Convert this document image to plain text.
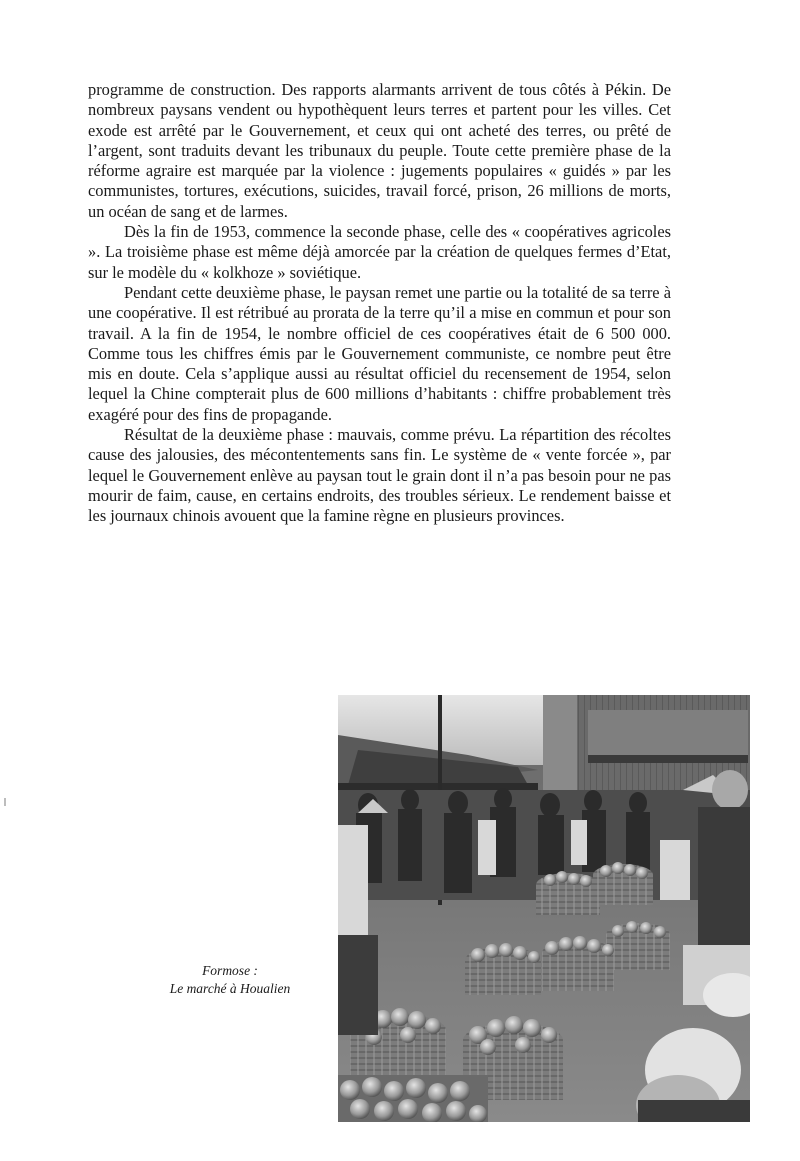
programme de construction. Des rapports alarmants arrivent de tous côtés à Pékin. De nombreux paysans vendent ou hypothèquent leurs terres et partent pour les villes. Cet exode est arrêté par le Gouvernement, et ceux qui ont acheté des terres, ou prêté de l’argent, sont traduits devant les tribunaux du peuple. Toute cette première phase de la réforme agraire est marquée par la violence : jugements populaires « guidés » par les communistes, tortures, exécutions, suicides, travail forcé, prison, 26 millions de morts, un océan de sang et de larmes.

Dès la fin de 1953, commence la seconde phase, celle des « coopératives agricoles ». La troisième phase est même déjà amorcée par la création de quelques fermes d’Etat, sur le modèle du « kolkhoze » soviétique.

Pendant cette deuxième phase, le paysan remet une partie ou la totalité de sa terre à une coopérative. Il est rétribué au prorata de la terre qu’il a mise en commun et pour son travail. A la fin de 1954, le nombre officiel de ces coopératives était de 6 500 000. Comme tous les chiffres émis par le Gouvernement communiste, ce nombre peut être mis en doute. Cela s’applique aussi au résultat officiel du recensement de 1954, selon lequel la Chine compterait plus de 600 millions d’habitants : chiffre probablement très exagéré pour des fins de propagande.

Résultat de la deuxième phase : mauvais, comme prévu. La répartition des récoltes cause des jalousies, des mécontentements sans fin. Le système de « vente forcée », par lequel le Gouvernement enlève au paysan tout le grain dont il n’a pas besoin pour ne pas mourir de faim, cause, en certains endroits, des troubles sérieux. Le rendement baisse et les journaux chinois avouent que la famine règne en plusieurs provinces.

Formose :
Le marché à Houalien
